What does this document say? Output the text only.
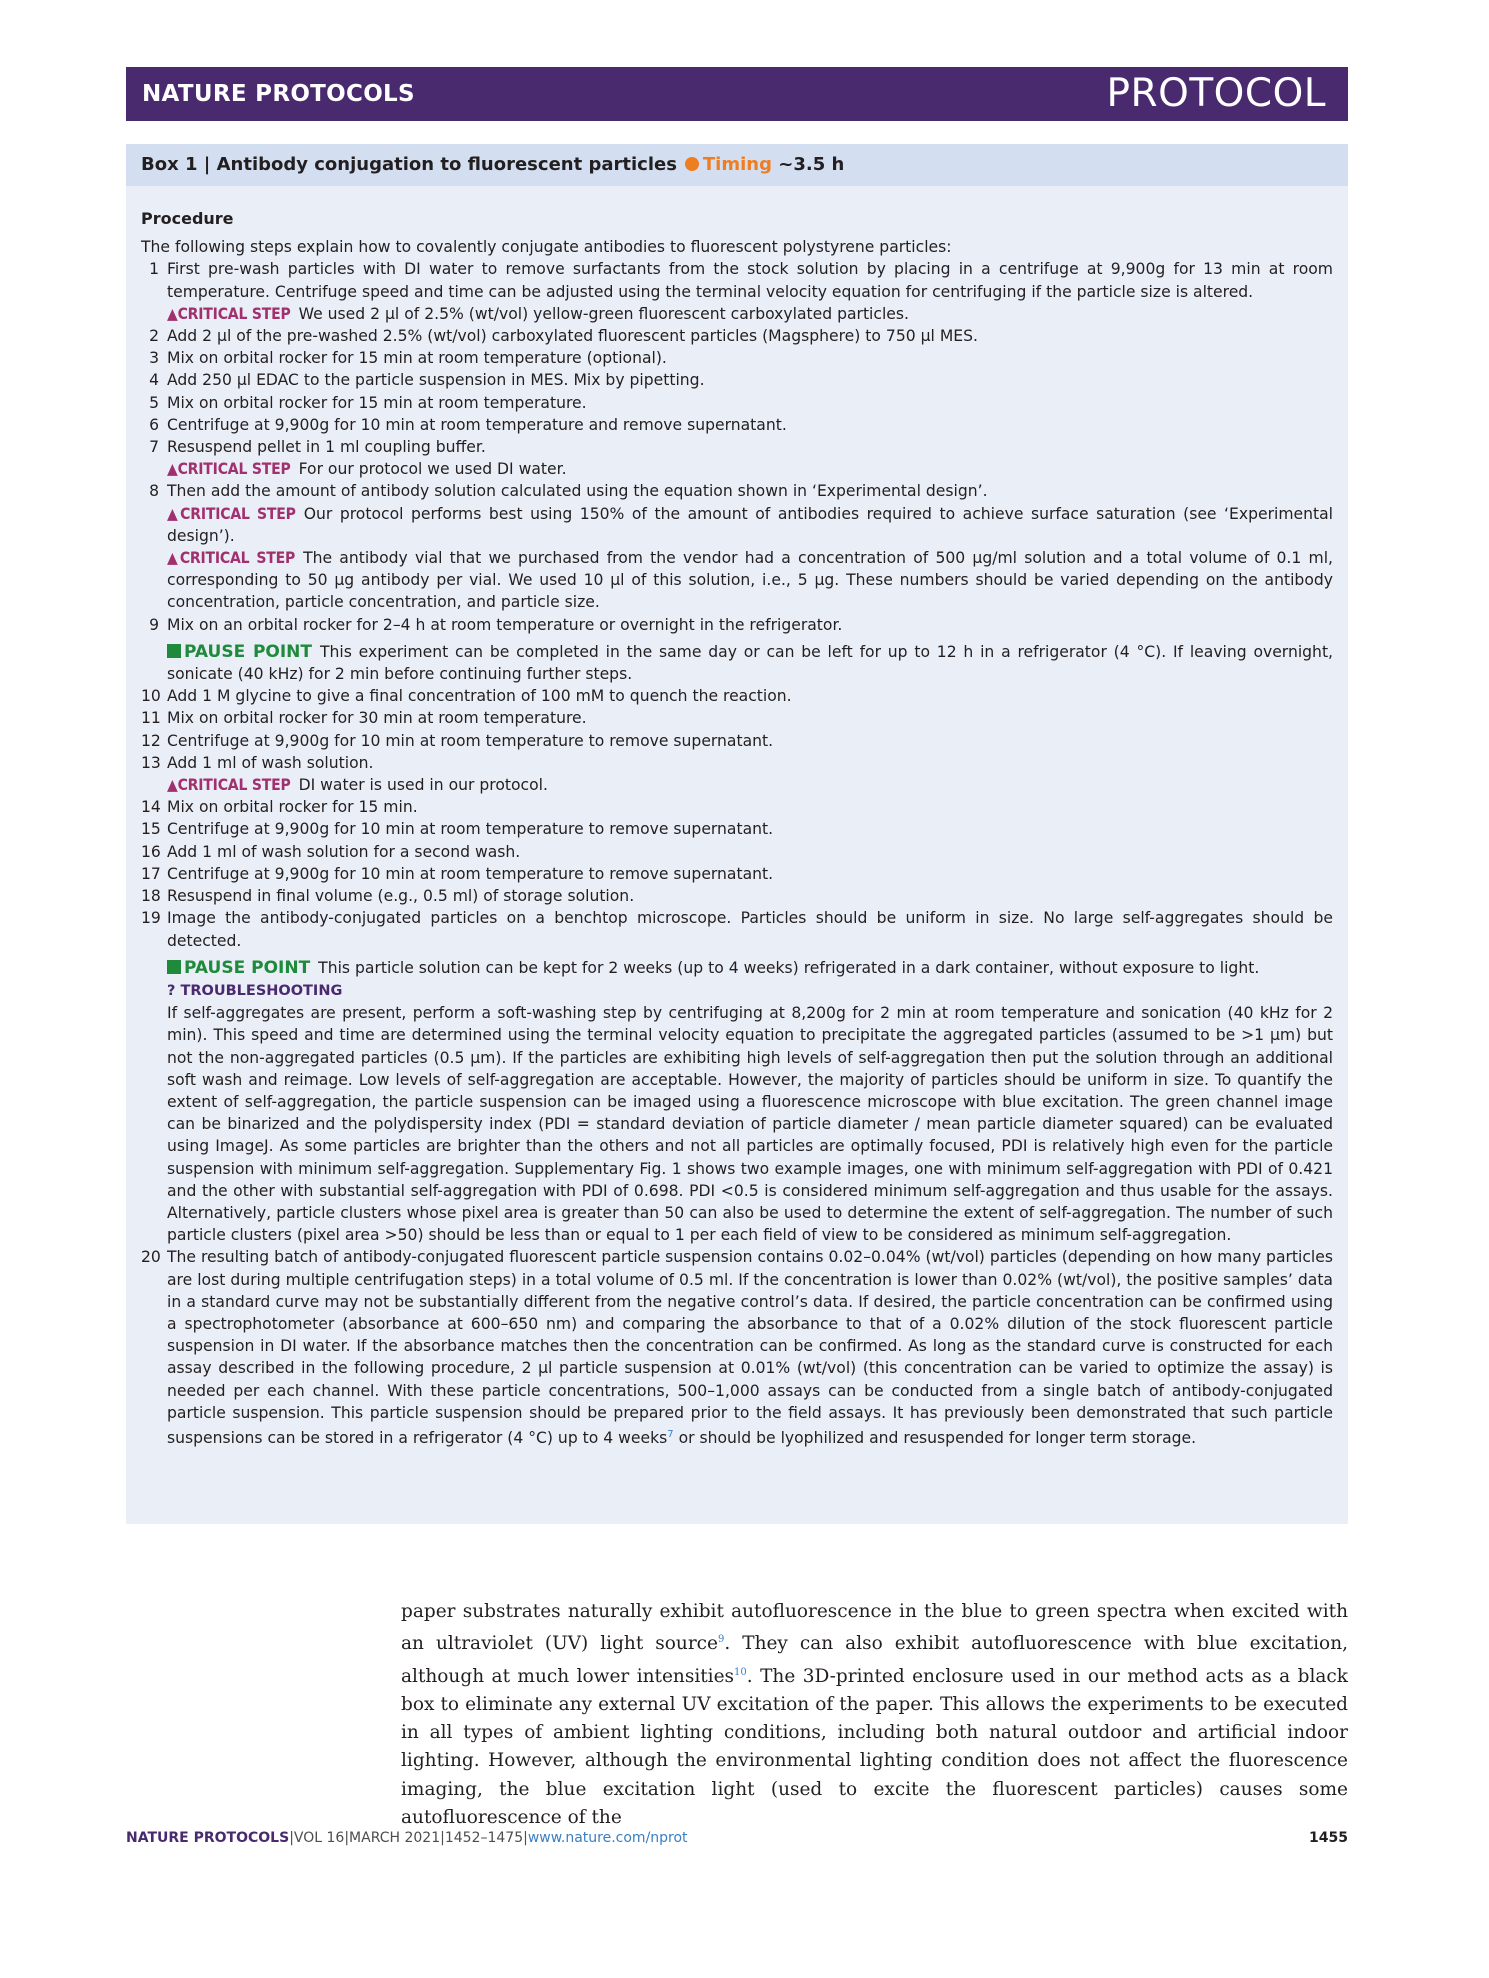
NATURE PROTOCOLS	PROTOCOL
Box 1 | Antibody conjugation to fluorescent particles Timing ~3.5 h
Procedure

The following steps explain how to covalently conjugate antibodies to fluorescent polystyrene particles:

1 First pre-wash particles with DI water to remove surfactants from the stock solution by placing in a centrifuge at 9,900g for 13 min at room temperature. Centrifuge speed and time can be adjusted using the terminal velocity equation for centrifuging if the particle size is altered.
▲CRITICAL STEP We used 2 µl of 2.5% (wt/vol) yellow-green fluorescent carboxylated particles.
2 Add 2 µl of the pre-washed 2.5% (wt/vol) carboxylated fluorescent particles (Magsphere) to 750 µl MES.
3 Mix on orbital rocker for 15 min at room temperature (optional).
4 Add 250 µl EDAC to the particle suspension in MES. Mix by pipetting.
5 Mix on orbital rocker for 15 min at room temperature.
6 Centrifuge at 9,900g for 10 min at room temperature and remove supernatant.
7 Resuspend pellet in 1 ml coupling buffer.
▲CRITICAL STEP For our protocol we used DI water.
8 Then add the amount of antibody solution calculated using the equation shown in ‘Experimental design’.
▲CRITICAL STEP Our protocol performs best using 150% of the amount of antibodies required to achieve surface saturation (see ‘Experimental design’).
▲CRITICAL STEP The antibody vial that we purchased from the vendor had a concentration of 500 µg/ml solution and a total volume of 0.1 ml, corresponding to 50 µg antibody per vial. We used 10 µl of this solution, i.e., 5 µg. These numbers should be varied depending on the antibody concentration, particle concentration, and particle size.
9 Mix on an orbital rocker for 2–4 h at room temperature or overnight in the refrigerator.
PAUSE POINT This experiment can be completed in the same day or can be left for up to 12 h in a refrigerator (4 °C). If leaving overnight, sonicate (40 kHz) for 2 min before continuing further steps.
10 Add 1 M glycine to give a final concentration of 100 mM to quench the reaction.
11 Mix on orbital rocker for 30 min at room temperature.
12 Centrifuge at 9,900g for 10 min at room temperature to remove supernatant.
13 Add 1 ml of wash solution.
▲CRITICAL STEP DI water is used in our protocol.
14 Mix on orbital rocker for 15 min.
15 Centrifuge at 9,900g for 10 min at room temperature to remove supernatant.
16 Add 1 ml of wash solution for a second wash.
17 Centrifuge at 9,900g for 10 min at room temperature to remove supernatant.
18 Resuspend in final volume (e.g., 0.5 ml) of storage solution.
19 Image the antibody-conjugated particles on a benchtop microscope. Particles should be uniform in size. No large self-aggregates should be detected.
PAUSE POINT This particle solution can be kept for 2 weeks (up to 4 weeks) refrigerated in a dark container, without exposure to light.
? TROUBLESHOOTING
If self-aggregates are present, perform a soft-washing step by centrifuging at 8,200g for 2 min at room temperature and sonication (40 kHz for 2 min). This speed and time are determined using the terminal velocity equation to precipitate the aggregated particles (assumed to be >1 µm) but not the non-aggregated particles (0.5 µm). If the particles are exhibiting high levels of self-aggregation then put the solution through an additional soft wash and reimage. Low levels of self-aggregation are acceptable. However, the majority of particles should be uniform in size. To quantify the extent of self-aggregation, the particle suspension can be imaged using a fluorescence microscope with blue excitation. The green channel image can be binarized and the polydispersity index (PDI = standard deviation of particle diameter / mean particle diameter squared) can be evaluated using ImageJ. As some particles are brighter than the others and not all particles are optimally focused, PDI is relatively high even for the particle suspension with minimum self-aggregation. Supplementary Fig. 1 shows two example images, one with minimum self-aggregation with PDI of 0.421 and the other with substantial self-aggregation with PDI of 0.698. PDI <0.5 is considered minimum self-aggregation and thus usable for the assays. Alternatively, particle clusters whose pixel area is greater than 50 can also be used to determine the extent of self-aggregation. The number of such particle clusters (pixel area >50) should be less than or equal to 1 per each field of view to be considered as minimum self-aggregation.
20 The resulting batch of antibody-conjugated fluorescent particle suspension contains 0.02–0.04% (wt/vol) particles (depending on how many particles are lost during multiple centrifugation steps) in a total volume of 0.5 ml. If the concentration is lower than 0.02% (wt/vol), the positive samples’ data in a standard curve may not be substantially different from the negative control’s data. If desired, the particle concentration can be confirmed using a spectrophotometer (absorbance at 600–650 nm) and comparing the absorbance to that of a 0.02% dilution of the stock fluorescent particle suspension in DI water. If the absorbance matches then the concentration can be confirmed. As long as the standard curve is constructed for each assay described in the following procedure, 2 µl particle suspension at 0.01% (wt/vol) (this concentration can be varied to optimize the assay) is needed per each channel. With these particle concentrations, 500–1,000 assays can be conducted from a single batch of antibody-conjugated particle suspension. This particle suspension should be prepared prior to the field assays. It has previously been demonstrated that such particle suspensions can be stored in a refrigerator (4 °C) up to 4 weeks$^7$ or should be lyophilized and resuspended for longer term storage.

paper substrates naturally exhibit autofluorescence in the blue to green spectra when excited with an ultraviolet (UV) light source$^9$. They can also exhibit autofluorescence with blue excitation, although at much lower intensities$^{10}$. The 3D-printed enclosure used in our method acts as a black box to eliminate any external UV excitation of the paper. This allows the experiments to be executed in all types of ambient lighting conditions, including both natural outdoor and artificial indoor lighting. However, although the environmental lighting condition does not affect the fluorescence imaging, the blue excitation light (used to excite the fluorescent particles) causes some autofluorescence of the

NATURE PROTOCOLS|VOL 16|MARCH 2021|1452–1475|www.nature.com/nprot	1455
